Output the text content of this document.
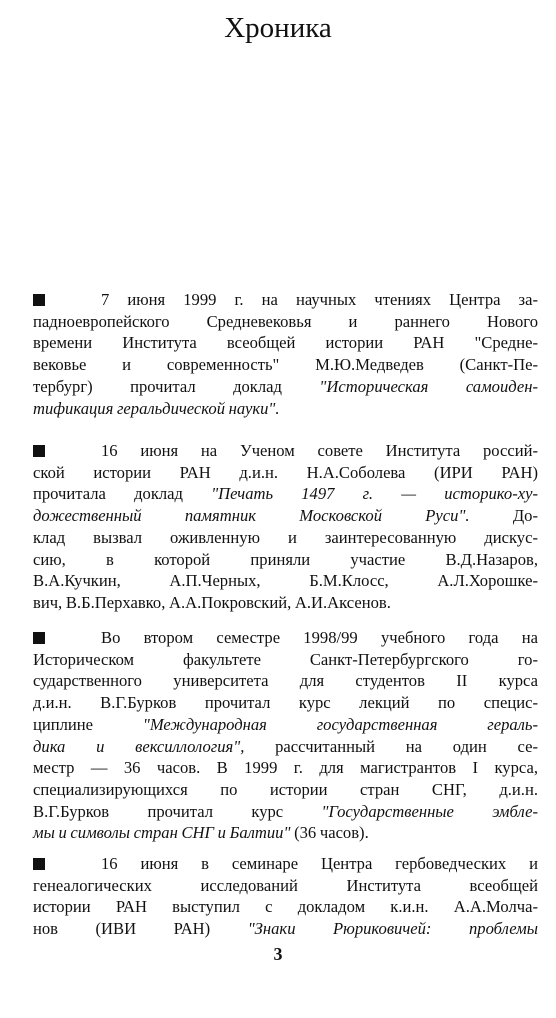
Хроника
7 июня 1999 г. на научных чтениях Центра за-
падноевропейского Средневековья и раннего Нового
времени Института всеобщей истории РАН "Средне-
вековье и современность" М.Ю.Медведев (Санкт-Пе-
тербург) прочитал доклад "Историческая самоиден-
тификация геральдической науки".
16 июня на Ученом совете Института россий-
ской истории РАН д.и.н. Н.А.Соболева (ИРИ РАН)
прочитала доклад "Печать 1497 г. — историко-ху-
дожественный памятник Московской Руси". До-
клад вызвал оживленную и заинтересованную дискус-
сию, в которой приняли участие В.Д.Назаров,
В.А.Кучкин, А.П.Черных, Б.М.Клосс, А.Л.Хорошке-
вич, В.Б.Перхавко, А.А.Покровский, А.И.Аксенов.
Во втором семестре 1998/99 учебного года на
Историческом факультете Санкт-Петербургского го-
сударственного университета для студентов II курса
д.и.н. В.Г.Бурков прочитал курс лекций по специс-
циплине "Международная государственная гераль-
дика и вексиллология", рассчитанный на один се-
местр — 36 часов. В 1999 г. для магистрантов I курса,
специализирующихся по истории стран СНГ, д.и.н.
В.Г.Бурков прочитал курс "Государственные эмбле-
мы и символы стран СНГ и Балтии" (36 часов).
16 июня в семинаре Центра гербоведческих и
генеалогических исследований Института всеобщей
истории РАН выступил с докладом к.и.н. А.А.Молча-
нов (ИВИ РАН) "Знаки Рюриковичей: проблемы
3
